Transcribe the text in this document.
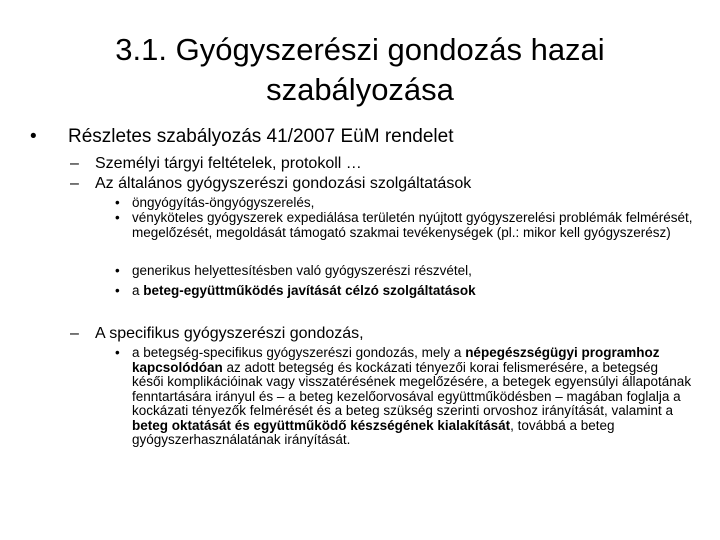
3.1. Gyógyszerészi gondozás hazai szabályozása
• Részletes szabályozás 41/2007 EüM rendelet
– Személyi tárgyi feltételek, protokoll …
– Az általános gyógyszerészi gondozási szolgáltatások
• öngyógyítás-öngyógyszerelés,
• vényköteles gyógyszerek expediálása területén nyújtott gyógyszerelési problémák felmérését, megelőzését, megoldását támogató szakmai tevékenységek (pl.: mikor kell gyógyszerész)
• generikus helyettesítésben való gyógyszerészi részvétel,
• a beteg-együttműködés javítását célzó szolgáltatások
– A specifikus gyógyszerészi gondozás,
• a betegség-specifikus gyógyszerészi gondozás, mely a népegészségügyi programhoz kapcsolódóan az adott betegség és kockázati tényezői korai felismerésére, a betegség késői komplikációinak vagy visszatérésének megelőzésére, a betegek egyensúlyi állapotának fenntartására irányul és – a beteg kezelőorvosával együttműködésben – magában foglalja a kockázati tényezők felmérését és a beteg szükség szerinti orvoshoz irányítását, valamint a beteg oktatását és együttműködő készségének kialakítását, továbbá a beteg gyógyszerhasználatának irányítását.
